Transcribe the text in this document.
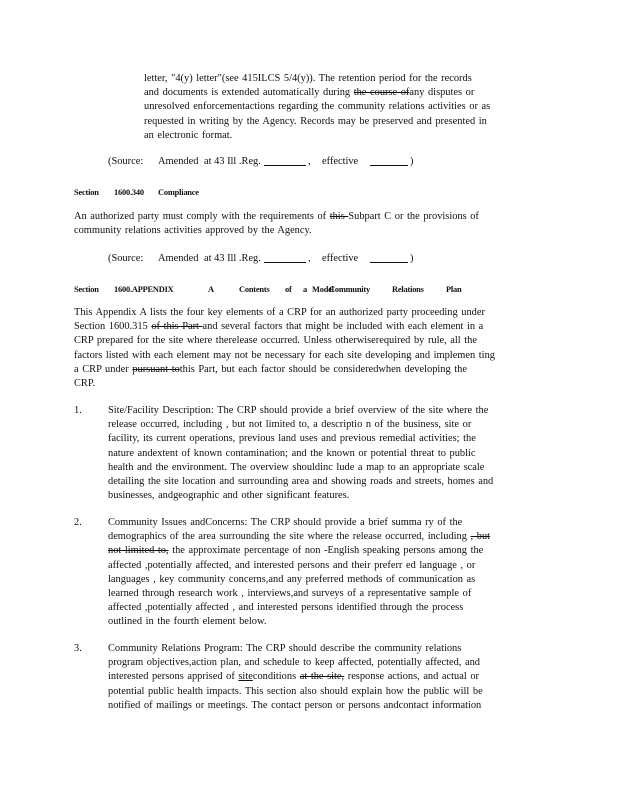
letter, "4(y) letter"(see 415ILCS 5/4(y)). The retention period for the records
and documents is extended automatically during the course ofany disputes or
unresolved enforcementactions regarding the community relations activities or as
requested in writing by the Agency. Records may be preserved and presented in
an electronic format.
(Source: Amended at 43 Ill .Reg.	, effective	)
Section 1600.340 Compliance
An authorized party must comply with the requirements of this Subpart C or the provisions of
community relations activities approved by the Agency.
(Source: Amended at 43 Ill .Reg.	, effective	)
Section 1600.APPENDIX	A	Contents of a Model
Community	Relations	Plan
This Appendix A lists the four key elements of a CRP for an authorized party proceeding under
Section 1600.315 of this Part and several factors that might be included with each element in a
CRP prepared for the site where therelease occurred. Unless otherwiserequired by rule, all the
factors listed with each element may not be necessary for each site developing and implemen ting
a CRP under pursuant tothis Part, but each factor should be consideredwhen developing the
CRP.
1.	Site/Facility Description: The CRP should provide a brief overview of the site where the
release occurred, including , but not limited to, a descriptio n of the business, site or
facility, its current operations, previous land uses and previous remedial activities; the
nature andextent of known contamination; and the known or potential threat to public
health and the environment. The overview shouldinc lude a map to an appropriate scale
detailing the site location and surrounding area and showing roads and streets, homes and
businesses, andgeographic and other significant features.
2.	Community Issues andConcerns: The CRP should provide a brief summa ry of the
demographics of the area surrounding the site where the release occurred, including , but
not limited to, the approximate percentage of non -English speaking persons among the
affected ,potentially affected, and interested persons and their preferr ed language , or
languages , key community concerns,and any preferred methods of communication as
learned through research work , interviews,and surveys of a representative sample of
affected ,potentially affected , and interested persons identified through the process
outlined in the fourth element below.
3.	Community Relations Program: The CRP should describe the community relations
program objectives,action plan, and schedule to keep affected, potentially affected, and
interested persons apprised of siteconditions at the site, response actions, and actual or
potential public health impacts. This section also should explain how the public will be
notified of mailings or meetings. The contact person or persons andcontact information
